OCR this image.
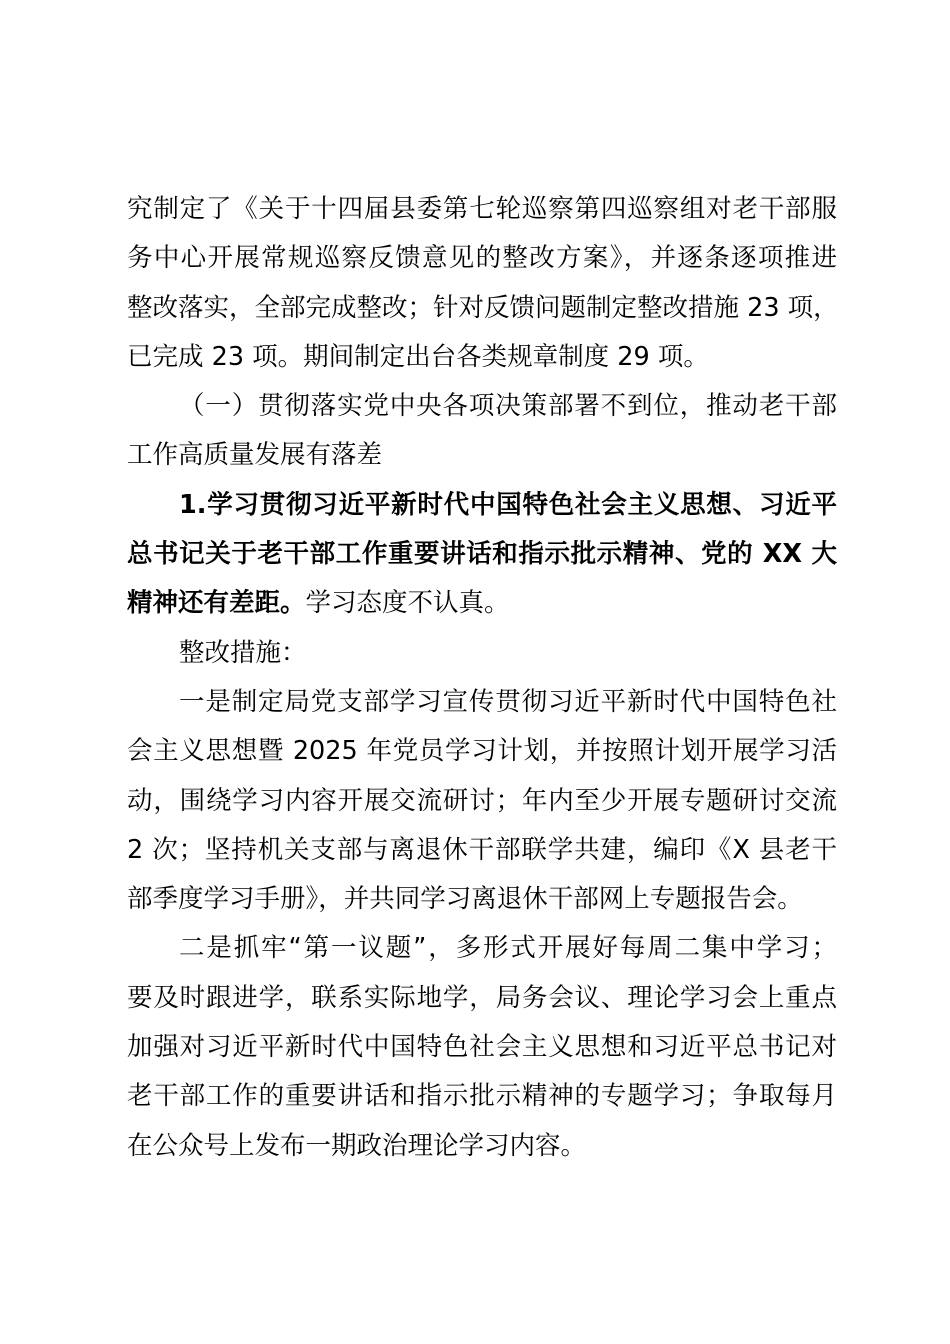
究制定了《关于十四届县委第七轮巡察第四巡察组对老干部服
务中心开展常规巡察反馈意见的整改方案》，并逐条逐项推进
整改落实，全部完成整改；针对反馈问题制定整改措施 23 项，
已完成 23 项。期间制定出台各类规章制度 29 项。
（一）贯彻落实党中央各项决策部署不到位，推动老干部
工作高质量发展有落差
1.学习贯彻习近平新时代中国特色社会主义思想、习近平
总书记关于老干部工作重要讲话和指示批示精神、党的 XX 大
精神还有差距。学习态度不认真。
整改措施：
一是制定局党支部学习宣传贯彻习近平新时代中国特色社
会主义思想暨 2025 年党员学习计划，并按照计划开展学习活
动，围绕学习内容开展交流研讨；年内至少开展专题研讨交流
2 次；坚持机关支部与离退休干部联学共建，编印《X 县老干
部季度学习手册》，并共同学习离退休干部网上专题报告会。
二是抓牢“第一议题”，多形式开展好每周二集中学习；
要及时跟进学，联系实际地学，局务会议、理论学习会上重点
加强对习近平新时代中国特色社会主义思想和习近平总书记对
老干部工作的重要讲话和指示批示精神的专题学习；争取每月
在公众号上发布一期政治理论学习内容。
